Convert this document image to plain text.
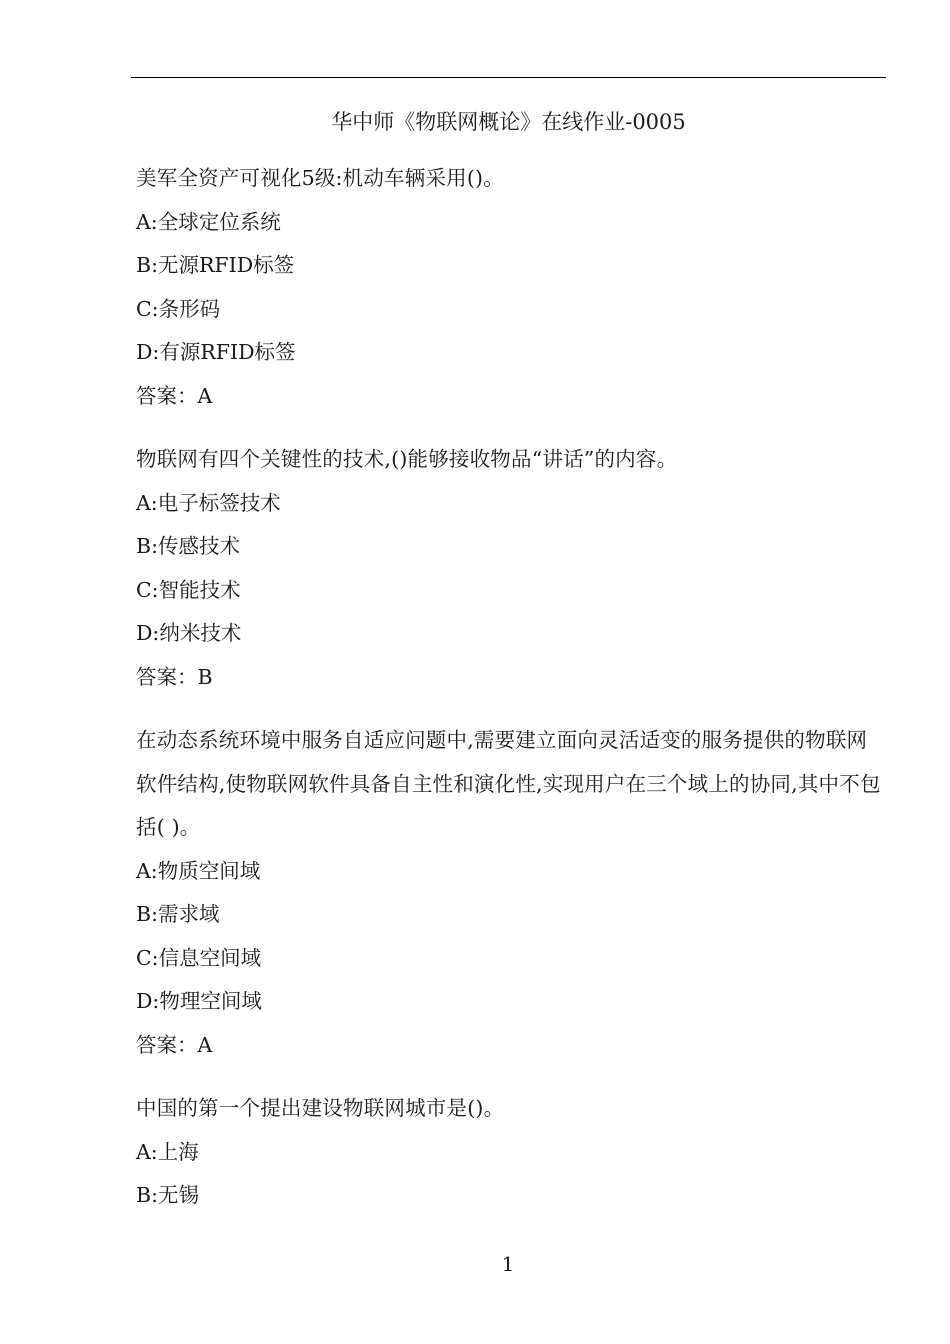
华中师《物联网概论》在线作业-0005
美军全资产可视化5级:机动车辆采用()。
A:全球定位系统
B:无源RFID标签
C:条形码
D:有源RFID标签
答案：A
物联网有四个关键性的技术,()能够接收物品“讲话”的内容。
A:电子标签技术
B:传感技术
C:智能技术
D:纳米技术
答案：B
在动态系统环境中服务自适应问题中,需要建立面向灵活适变的服务提供的物联网软件结构,使物联网软件具备自主性和演化性,实现用户在三个域上的协同,其中不包括( )。
A:物质空间域
B:需求域
C:信息空间域
D:物理空间域
答案：A
中国的第一个提出建设物联网城市是()。
A:上海
B:无锡
1
